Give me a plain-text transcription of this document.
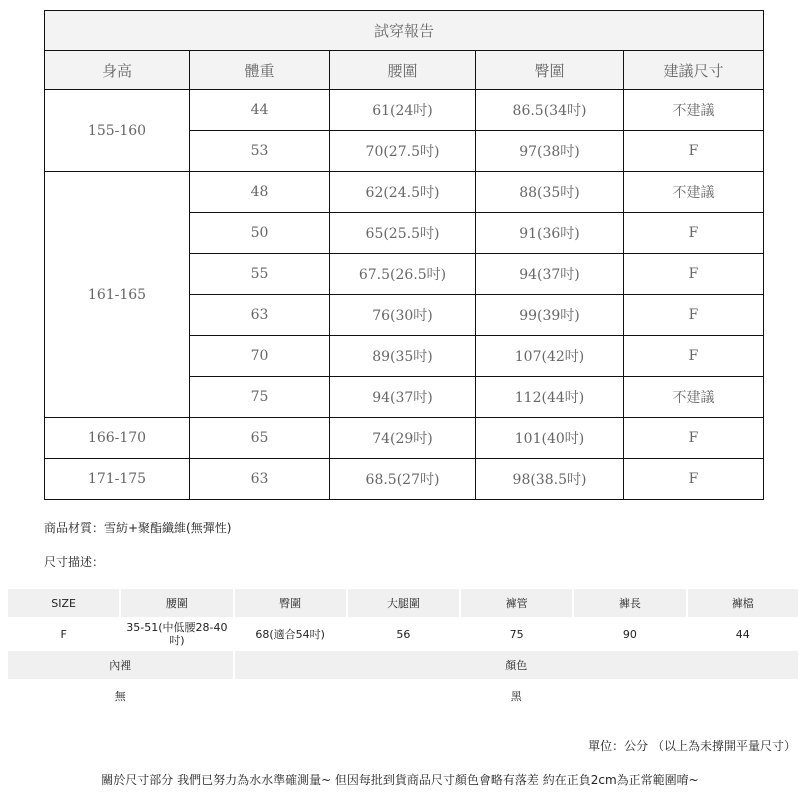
試穿報告				
身高	體重	腰圍	臀圍	建議尺寸
155-160	44	61(24吋)	86.5(34吋)	不建議
	53	70(27.5吋)	97(38吋)	F
161-165	48	62(24.5吋)	88(35吋)	不建議
	50	65(25.5吋)	91(36吋)	F
	55	67.5(26.5吋)	94(37吋)	F
	63	76(30吋)	99(39吋)	F
	70	89(35吋)	107(42吋)	F
	75	94(37吋)	112(44吋)	不建議
166-170	65	74(29吋)	101(40吋)	F
171-175	63	68.5(27吋)	98(38.5吋)	F
商品材質：雪紡+聚酯纖維(無彈性)
尺寸描述：
SIZE	腰圍	臀圍	大腿圍	褲管	褲長	褲檔
F	35-51(中低腰28-40吋)	68(適合54吋)	56	75	90	44
內裡		顏色				
無		黑				
單位：公分 （以上為未撐開平量尺寸）
關於尺寸部分 我們已努力為水水準確測量~ 但因每批到貨商品尺寸顏色會略有落差 約在正負2cm為正常範圍唷~
